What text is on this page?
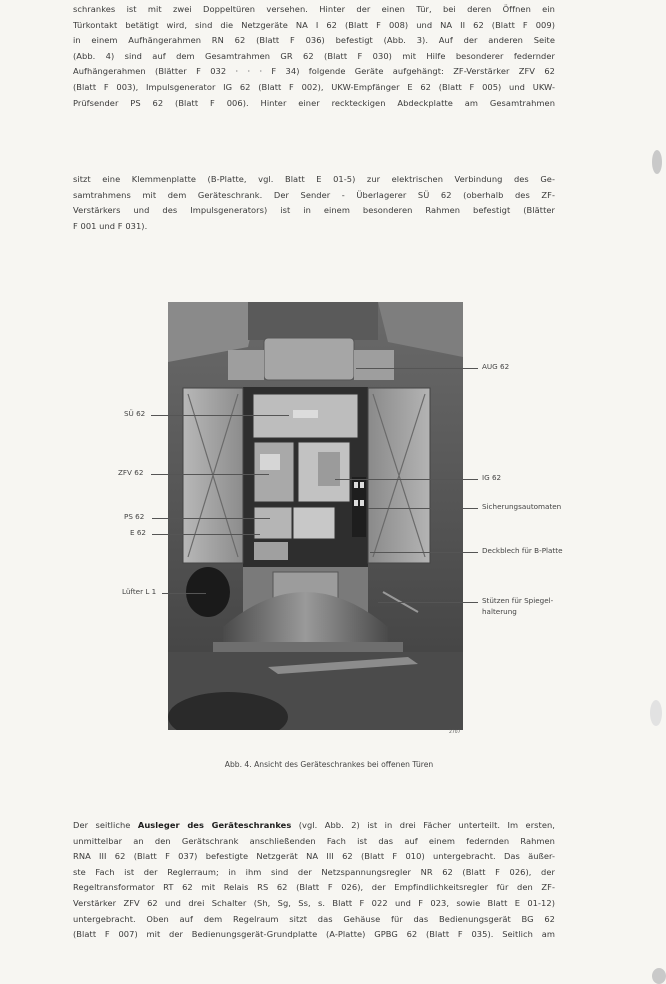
schrankes ist mit zwei Doppeltüren versehen. Hinter der einen Tür, bei deren Öffnen ein
Türkontakt betätigt wird, sind die Netzgeräte NA I 62 (Blatt F 008) und NA II 62 (Blatt F 009)
in einem Aufhängerahmen RN 62 (Blatt F 036) befestigt (Abb. 3). Auf der anderen Seite
(Abb. 4) sind auf dem Gesamtrahmen GR 62 (Blatt F 030) mit Hilfe besonderer federnder
Aufhängerahmen (Blätter F 032 · · · F 34) folgende Geräte aufgehängt: ZF-Verstärker ZFV 62
(Blatt F 003), Impulsgenerator IG 62 (Blatt F 002), UKW-Empfänger E 62 (Blatt F 005) und UKW-
Prüfsender PS 62 (Blatt F 006). Hinter einer reckteckigen Abdeckplatte am Gesamtrahmen
sitzt eine Klemmenplatte (B-Platte, vgl. Blatt E 01-5) zur elektrischen Verbindung des Ge-
samtrahmens mit dem Geräteschrank. Der Sender - Überlagerer SÜ 62 (oberhalb des ZF-
Verstärkers und des Impulsgenerators) ist in einem besonderen Rahmen befestigt (Blätter
F 001 und F 031).
2707
SÜ 62
ZFV 62
PS 62
E 62
Lüfter L 1
AUG 62
IG 62
Sicherungsautomaten
Deckblech für B-Platte
Stützen für Spiegel-
halterung
Abb. 4. Ansicht des Geräteschrankes bei offenen Türen
Der seitliche Ausleger des Geräteschrankes (vgl. Abb. 2) ist in drei Fächer unterteilt. Im ersten,
unmittelbar an den Gerätschrank anschließenden Fach ist das auf einem federnden Rahmen
RNA III 62 (Blatt F 037) befestigte Netzgerät NA III 62 (Blatt F 010) untergebracht. Das äußer-
ste Fach ist der Reglerraum; in ihm sind der Netzspannungsregler NR 62 (Blatt F 026), der
Regeltransformator RT 62 mit Relais RS 62 (Blatt F 026), der Empfindlichkeitsregler für den ZF-
Verstärker ZFV 62 und drei Schalter (Sh, Sg, Ss, s. Blatt F 022 und F 023, sowie Blatt E 01-12)
untergebracht. Oben auf dem Regelraum sitzt das Gehäuse für das Bedienungsgerät BG 62
(Blatt F 007) mit der Bedienungsgerät-Grundplatte (A-Platte) GPBG 62 (Blatt F 035). Seitlich am
